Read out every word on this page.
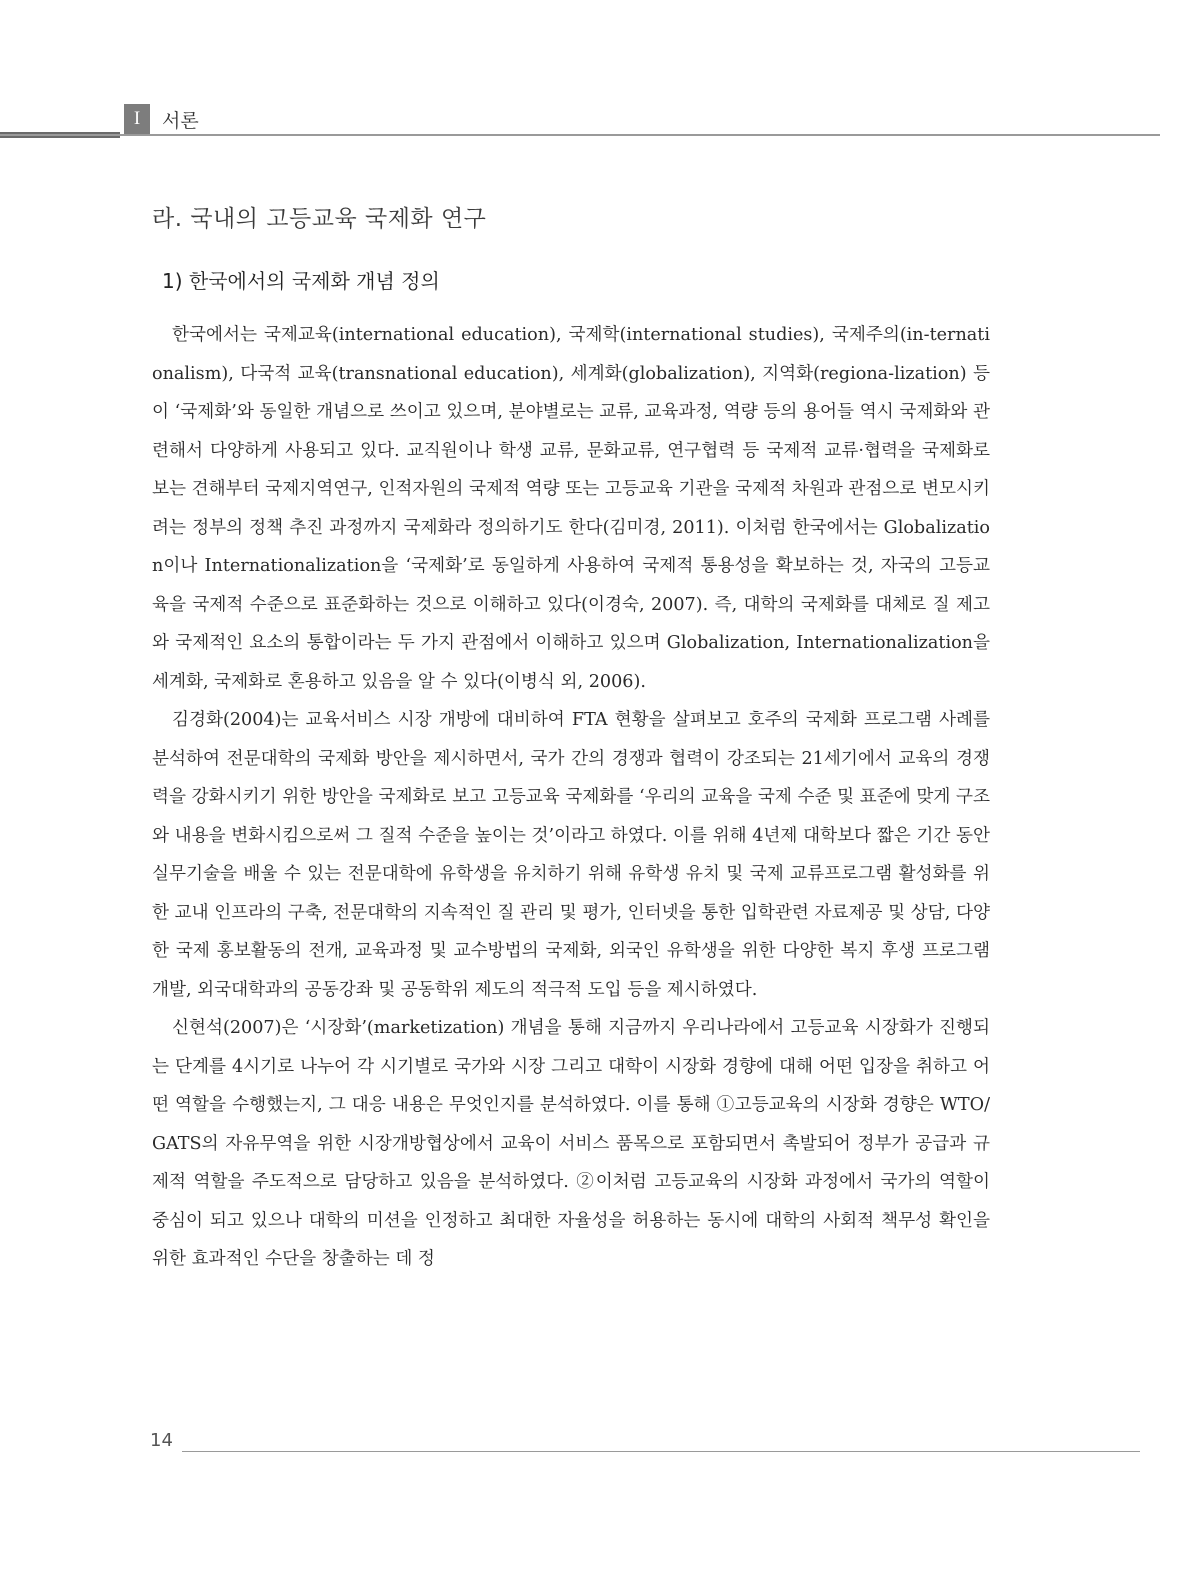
I	서론
라. 국내의 고등교육 국제화 연구
1) 한국에서의 국제화 개념 정의

한국에서는 국제교육(international education), 국제학(international studies), 국제주의(in-ternationalism), 다국적 교육(transnational education), 세계화(globalization), 지역화(regiona-lization) 등이 ‘국제화’와 동일한 개념으로 쓰이고 있으며, 분야별로는 교류, 교육과정, 역량 등의 용어들 역시 국제화와 관련해서 다양하게 사용되고 있다. 교직원이나 학생 교류, 문화교류, 연구협력 등 국제적 교류·협력을 국제화로 보는 견해부터 국제지역연구, 인적자원의 국제적 역량 또는 고등교육 기관을 국제적 차원과 관점으로 변모시키려는 정부의 정책 추진 과정까지 국제화라 정의하기도 한다(김미경, 2011). 이처럼 한국에서는 Globalization이나 Internationalization을 ‘국제화’로 동일하게 사용하여 국제적 통용성을 확보하는 것, 자국의 고등교육을 국제적 수준으로 표준화하는 것으로 이해하고 있다(이경숙, 2007). 즉, 대학의 국제화를 대체로 질 제고와 국제적인 요소의 통합이라는 두 가지 관점에서 이해하고 있으며 Globalization, Internationalization을 세계화, 국제화로 혼용하고 있음을 알 수 있다(이병식 외, 2006).

김경화(2004)는 교육서비스 시장 개방에 대비하여 FTA 현황을 살펴보고 호주의 국제화 프로그램 사례를 분석하여 전문대학의 국제화 방안을 제시하면서, 국가 간의 경쟁과 협력이 강조되는 21세기에서 교육의 경쟁력을 강화시키기 위한 방안을 국제화로 보고 고등교육 국제화를 ‘우리의 교육을 국제 수준 및 표준에 맞게 구조와 내용을 변화시킴으로써 그 질적 수준을 높이는 것’이라고 하였다. 이를 위해 4년제 대학보다 짧은 기간 동안 실무기술을 배울 수 있는 전문대학에 유학생을 유치하기 위해 유학생 유치 및 국제 교류프로그램 활성화를 위한 교내 인프라의 구축, 전문대학의 지속적인 질 관리 및 평가, 인터넷을 통한 입학관련 자료제공 및 상담, 다양한 국제 홍보활동의 전개, 교육과정 및 교수방법의 국제화, 외국인 유학생을 위한 다양한 복지 후생 프로그램 개발, 외국대학과의 공동강좌 및 공동학위 제도의 적극적 도입 등을 제시하였다.

신현석(2007)은 ‘시장화’(marketization) 개념을 통해 지금까지 우리나라에서 고등교육 시장화가 진행되는 단계를 4시기로 나누어 각 시기별로 국가와 시장 그리고 대학이 시장화 경향에 대해 어떤 입장을 취하고 어떤 역할을 수행했는지, 그 대응 내용은 무엇인지를 분석하였다. 이를 통해 ①고등교육의 시장화 경향은 WTO/GATS의 자유무역을 위한 시장개방협상에서 교육이 서비스 품목으로 포함되면서 촉발되어 정부가 공급과 규제적 역할을 주도적으로 담당하고 있음을 분석하였다. ②이처럼 고등교육의 시장화 과정에서 국가의 역할이 중심이 되고 있으나 대학의 미션을 인정하고 최대한 자율성을 허용하는 동시에 대학의 사회적 책무성 확인을 위한 효과적인 수단을 창출하는 데 정

14
